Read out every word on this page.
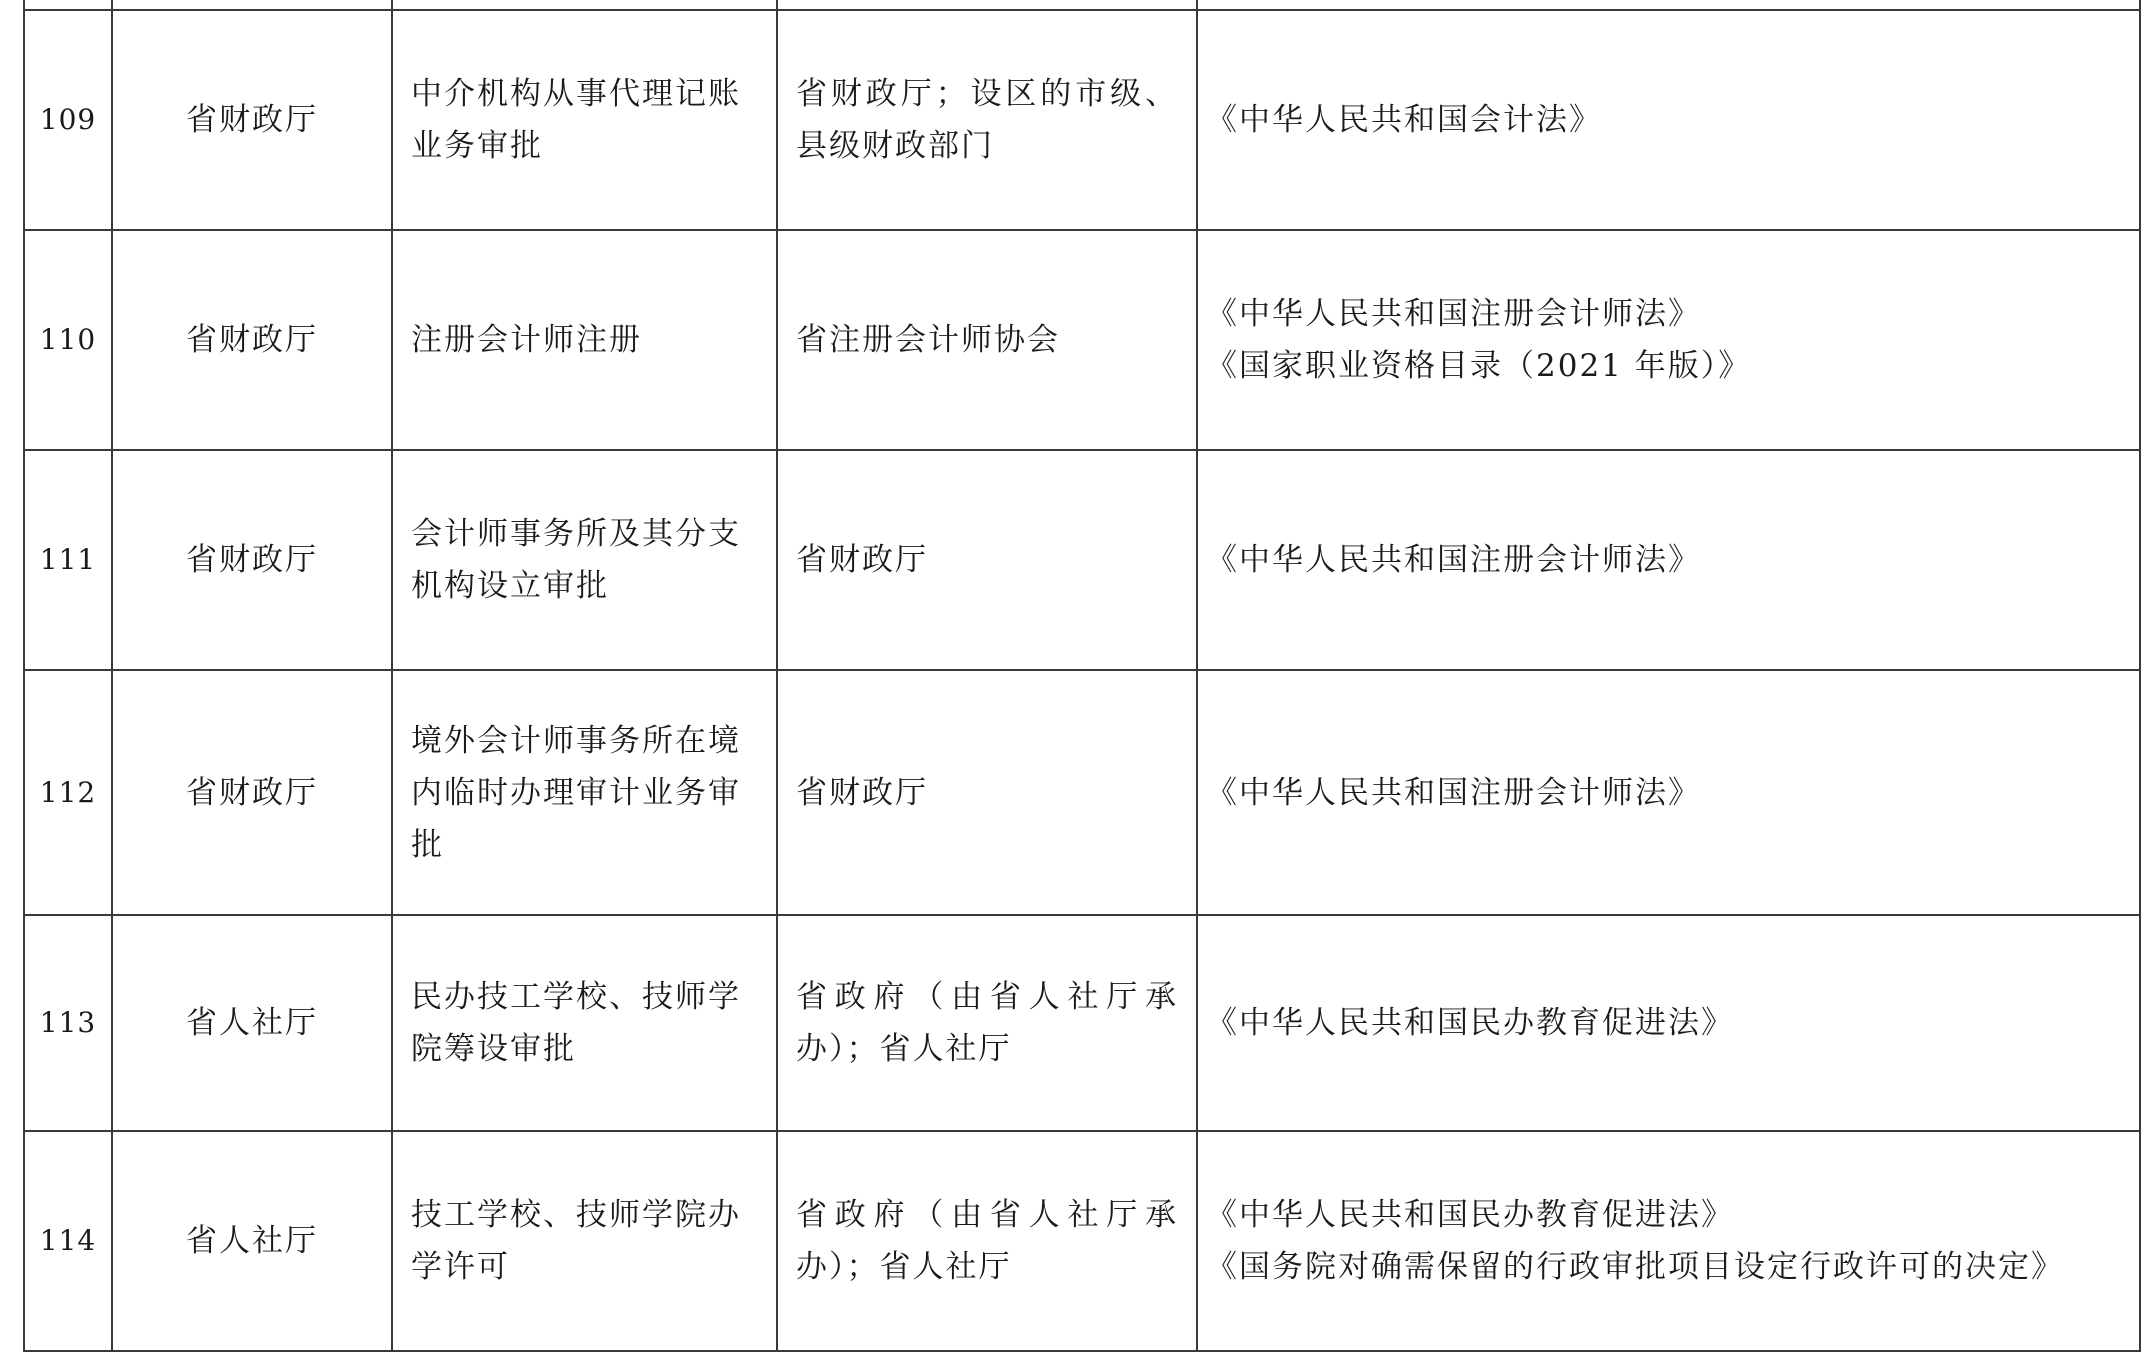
109	省财政厅	中介机构从事代理记账业务审批	省财政厅；设区的市级、县级财政部门	《中华人民共和国会计法》

110	省财政厅	注册会计师注册	省注册会计师协会	《中华人民共和国注册会计师法》
《国家职业资格目录（2021 年版）》

111	省财政厅	会计师事务所及其分支机构设立审批	省财政厅	《中华人民共和国注册会计师法》

112	省财政厅	境外会计师事务所在境内临时办理审计业务审批	省财政厅	《中华人民共和国注册会计师法》

113	省人社厅	民办技工学校、技师学院筹设审批	省政府（由省人社厅承办）；省人社厅	《中华人民共和国民办教育促进法》

114	省人社厅	技工学校、技师学院办学许可	省政府（由省人社厅承办）；省人社厅	《中华人民共和国民办教育促进法》
《国务院对确需保留的行政审批项目设定行政许可的决定》
